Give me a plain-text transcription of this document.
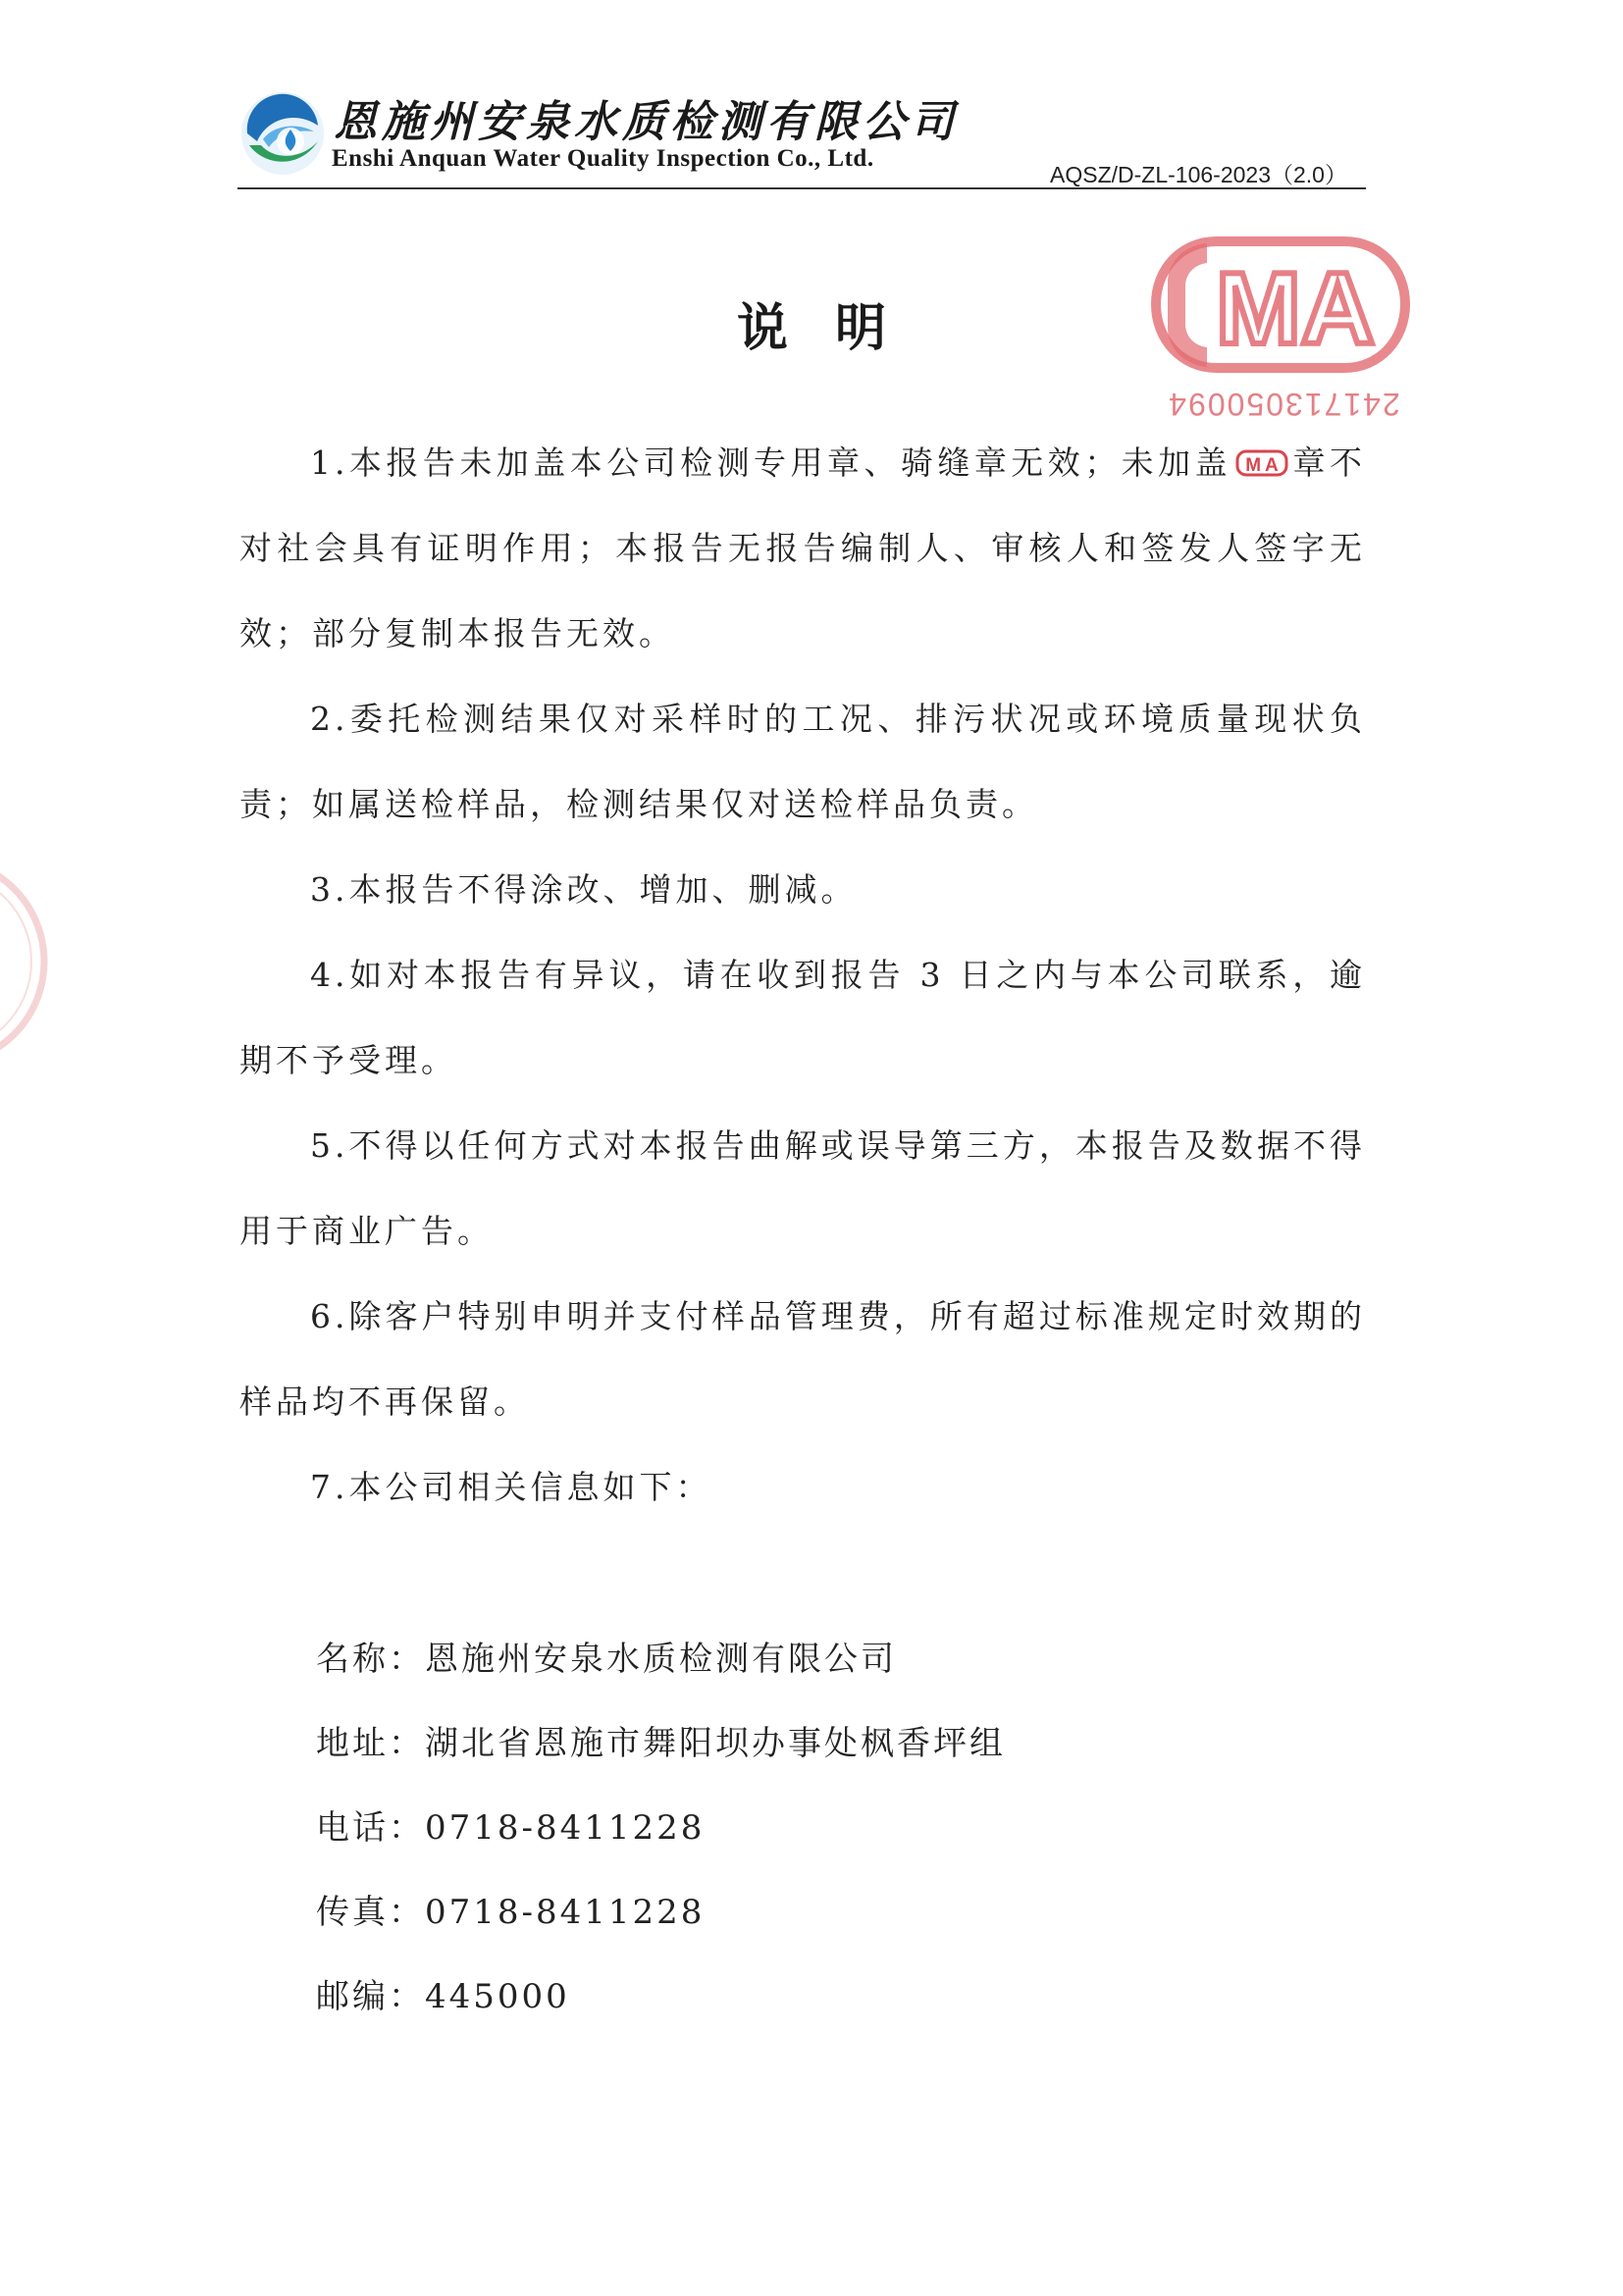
恩施州安泉水质检测有限公司
Enshi Anquan Water Quality Inspection Co., Ltd.
AQSZ/D-ZL-106-2023（2.0）
MA
241713050094
说明

1.本报告未加盖本公司检测专用章、骑缝章无效；未加盖 MA 章不对社会具有证明作用；本报告无报告编制人、审核人和签发人签字无效；部分复制本报告无效。

2.委托检测结果仅对采样时的工况、排污状况或环境质量现状负责；如属送检样品，检测结果仅对送检样品负责。

3.本报告不得涂改、增加、删减。

4.如对本报告有异议，请在收到报告 3 日之内与本公司联系，逾期不予受理。

5.不得以任何方式对本报告曲解或误导第三方，本报告及数据不得用于商业广告。

6.除客户特别申明并支付样品管理费，所有超过标准规定时效期的样品均不再保留。

7.本公司相关信息如下：

名称：恩施州安泉水质检测有限公司
地址：湖北省恩施市舞阳坝办事处枫香坪组
电话：0718-8411228
传真：0718-8411228
邮编：445000
